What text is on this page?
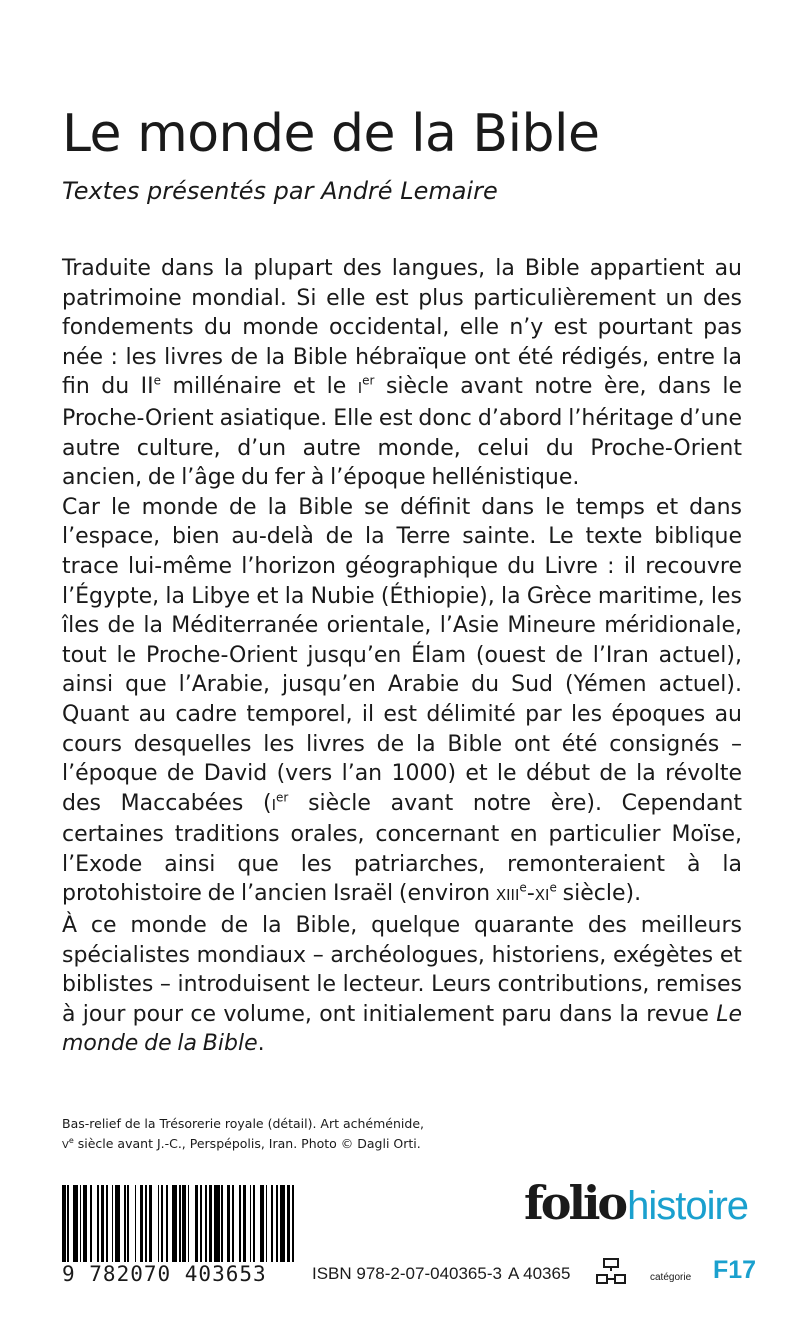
Le monde de la Bible

Textes présentés par André Lemaire

Traduite dans la plupart des langues, la Bible appartient au patrimoine mondial. Si elle est plus particulièrement un des fondements du monde occidental, elle n’y est pourtant pas née : les livres de la Bible hébraïque ont été rédigés, entre la fin du IIe millénaire et le Ier siècle avant notre ère, dans le Proche-Orient asiatique. Elle est donc d’abord l’héritage d’une autre culture, d’un autre monde, celui du Proche-Orient ancien, de l’âge du fer à l’époque hellénistique.

Car le monde de la Bible se définit dans le temps et dans l’espace, bien au-delà de la Terre sainte. Le texte biblique trace lui-même l’horizon géographique du Livre : il recouvre l’Égypte, la Libye et la Nubie (Éthiopie), la Grèce maritime, les îles de la Méditerranée orientale, l’Asie Mineure méridionale, tout le Proche-Orient jusqu’en Élam (ouest de l’Iran actuel), ainsi que l’Arabie, jusqu’en Arabie du Sud (Yémen actuel). Quant au cadre temporel, il est délimité par les époques au cours desquelles les livres de la Bible ont été consignés – l’époque de David (vers l’an 1000) et le début de la révolte des Maccabées (Ier siècle avant notre ère). Cependant certaines traditions orales, concernant en particulier Moïse, l’Exode ainsi que les patriarches, remonteraient à la protohistoire de l’ancien Israël (environ XIIIe-XIe siècle).

À ce monde de la Bible, quelque quarante des meilleurs spécialistes mondiaux – archéologues, historiens, exégètes et biblistes – introduisent le lecteur. Leurs contributions, remises à jour pour ce volume, ont initialement paru dans la revue Le monde de la Bible.

Bas-relief de la Trésorerie royale (détail). Art achéménide,
Ve siècle avant J.-C., Perspépolis, Iran. Photo © Dagli Orti.
9 782070 403653	ISBN 978-2-07-040365-3 A 40365
foliohistoire
catégorie F17
